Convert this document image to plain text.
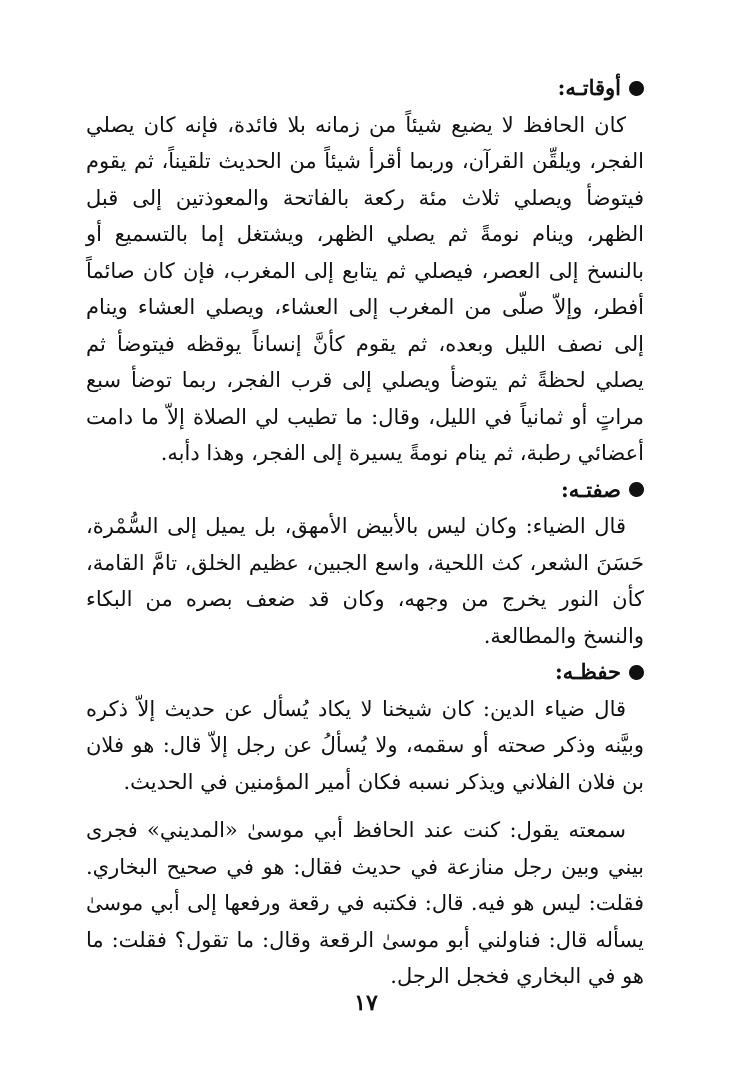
أوقاتـه:

كان الحافظ لا يضيع شيئاً من زمانه بلا فائدة، فإنه كان يصلي الفجر، ويلقِّن القرآن، وربما أقرأ شيئاً من الحديث تلقيناً، ثم يقوم فيتوضأ ويصلي ثلاث مئة ركعة بالفاتحة والمعوذتين إلى قبل الظهر، وينام نومةً ثم يصلي الظهر، ويشتغل إما بالتسميع أو بالنسخ إلى العصر، فيصلي ثم يتابع إلى المغرب، فإن كان صائماً أفطر، وإلاّ صلّى من المغرب إلى العشاء، ويصلي العشاء وينام إلى نصف الليل وبعده، ثم يقوم كأنَّ إنساناً يوقظه فيتوضأ ثم يصلي لحظةً ثم يتوضأ ويصلي إلى قرب الفجر، ربما توضأ سبع مراتٍ أو ثمانياً في الليل، وقال: ما تطيب لي الصلاة إلاّ ما دامت أعضائي رطبة، ثم ينام نومةً يسيرة إلى الفجر، وهذا دأبه.

صفتـه:

قال الضياء: وكان ليس بالأبيض الأمهق، بل يميل إلى السُّمْرة، حَسَنَ الشعر، كث اللحية، واسع الجبين، عظيم الخلق، تامَّ القامة، كأن النور يخرج من وجهه، وكان قد ضعف بصره من البكاء والنسخ والمطالعة.

حفظـه:

قال ضياء الدين: كان شيخنا لا يكاد يُسأل عن حديث إلاّ ذكره وبيَّنه وذكر صحته أو سقمه، ولا يُسألُ عن رجل إلاّ قال: هو فلان بن فلان الفلاني ويذكر نسبه فكان أمير المؤمنين في الحديث.

سمعته يقول: كنت عند الحافظ أبي موسىٰ «المديني» فجرى بيني وبين رجل منازعة في حديث فقال: هو في صحيح البخاري. فقلت: ليس هو فيه. قال: فكتبه في رقعة ورفعها إلى أبي موسىٰ يسأله قال: فناولني أبو موسىٰ الرقعة وقال: ما تقول؟ فقلت: ما هو في البخاري فخجل الرجل.

١٧
